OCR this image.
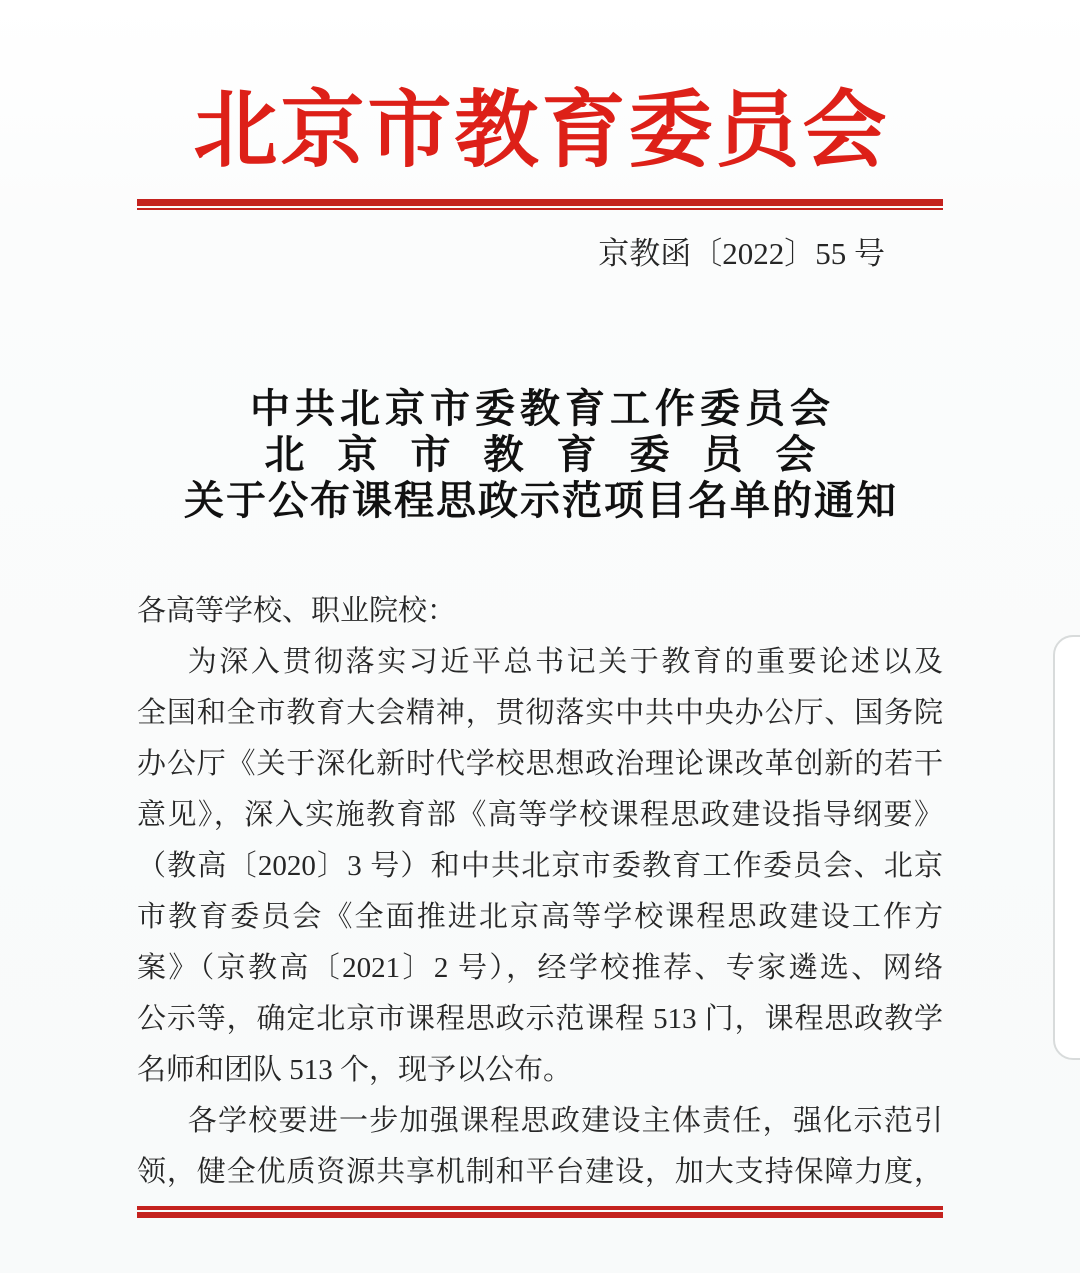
北京市教育委员会
京教函〔2022〕55 号
中共北京市委教育工作委员会
北京市教育委员会
关于公布课程思政示范项目名单的通知
各高等学校、职业院校：
为深入贯彻落实习近平总书记关于教育的重要论述以及
全国和全市教育大会精神，贯彻落实中共中央办公厅、国务院
办公厅《关于深化新时代学校思想政治理论课改革创新的若干
意见》，深入实施教育部《高等学校课程思政建设指导纲要》
（教高〔2020〕3 号）和中共北京市委教育工作委员会、北京
市教育委员会《全面推进北京高等学校课程思政建设工作方
案》（京教高〔2021〕2 号），经学校推荐、专家遴选、网络
公示等，确定北京市课程思政示范课程 513 门，课程思政教学
名师和团队 513 个，现予以公布。
各学校要进一步加强课程思政建设主体责任，强化示范引
领，健全优质资源共享机制和平台建设，加大支持保障力度，
